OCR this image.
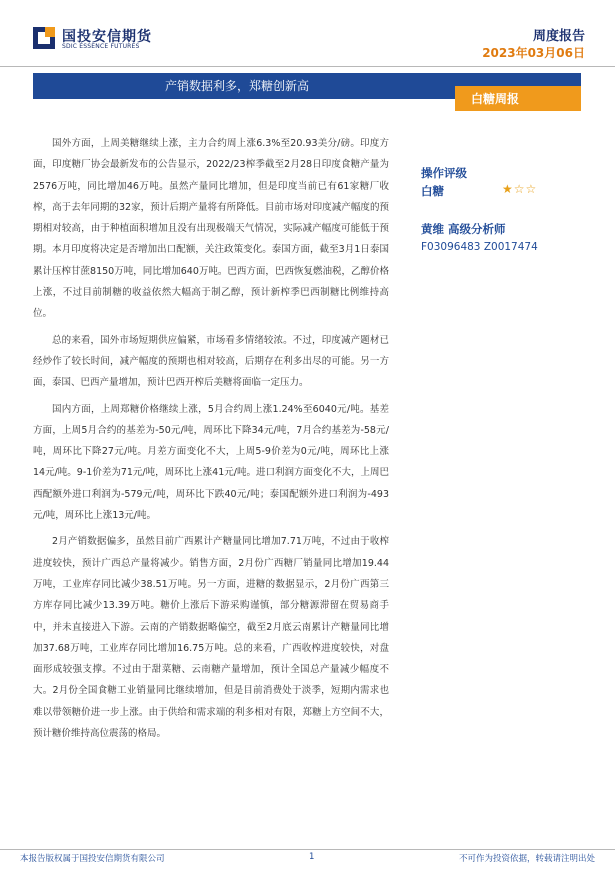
国投安信期货
SDIC ESSENCE FUTURES
周度报告
2023年03月06日
产销数据利多，郑糖创新高
白糖周报

国外方面，上周美糖继续上涨，主力合约周上涨6.3%至20.93美分/磅。印度方面，印度糖厂协会最新发布的公告显示，2022/23榨季截至2月28日印度食糖产量为2576万吨，同比增加46万吨。虽然产量同比增加，但是印度当前已有61家糖厂收榨，高于去年同期的32家，预计后期产量将有所降低。目前市场对印度减产幅度的预期相对较高，由于种植面积增加且没有出现极端天气情况，实际减产幅度可能低于预期。本月印度将决定是否增加出口配额，关注政策变化。泰国方面，截至3月1日泰国累计压榨甘蔗8150万吨，同比增加640万吨。巴西方面，巴西恢复燃油税，乙醇价格上涨，不过目前制糖的收益依然大幅高于制乙醇，预计新榨季巴西制糖比例维持高位。

总的来看，国外市场短期供应偏紧，市场看多情绪较浓。不过，印度减产题材已经炒作了较长时间，减产幅度的预期也相对较高，后期存在利多出尽的可能。另一方面，泰国、巴西产量增加，预计巴西开榨后美糖将面临一定压力。

国内方面，上周郑糖价格继续上涨，5月合约周上涨1.24%至6040元/吨。基差方面，上周5月合约的基差为-50元/吨，周环比下降34元/吨，7月合约基差为-58元/吨，周环比下降27元/吨。月差方面变化不大，上周5-9价差为0元/吨，周环比上涨14元/吨。9-1价差为71元/吨，周环比上涨41元/吨。进口利润方面变化不大，上周巴西配额外进口利润为-579元/吨，周环比下跌40元/吨；泰国配额外进口利润为-493元/吨，周环比上涨13元/吨。

2月产销数据偏多，虽然目前广西累计产糖量同比增加7.71万吨，不过由于收榨进度较快，预计广西总产量将减少。销售方面，2月份广西糖厂销量同比增加19.44万吨，工业库存同比减少38.51万吨。另一方面，进糖的数据显示，2月份广西第三方库存同比减少13.39万吨。糖价上涨后下游采购谨慎，部分糖源滞留在贸易商手中，并未直接进入下游。云南的产销数据略偏空，截至2月底云南累计产糖量同比增加37.68万吨，工业库存同比增加16.75万吨。总的来看，广西收榨进度较快，对盘面形成较强支撑。不过由于甜菜糖、云南糖产量增加，预计全国总产量减少幅度不大。2月份全国食糖工业销量同比继续增加，但是目前消费处于淡季，短期内需求也难以带领糖价进一步上涨。由于供给和需求端的利多相对有限，郑糖上方空间不大，预计糖价维持高位震荡的格局。

操作评级
白糖	★☆☆
黄维 高级分析师
F03096483 Z0017474
本报告版权属于国投安信期货有限公司	1	不可作为投资依据，转载请注明出处
